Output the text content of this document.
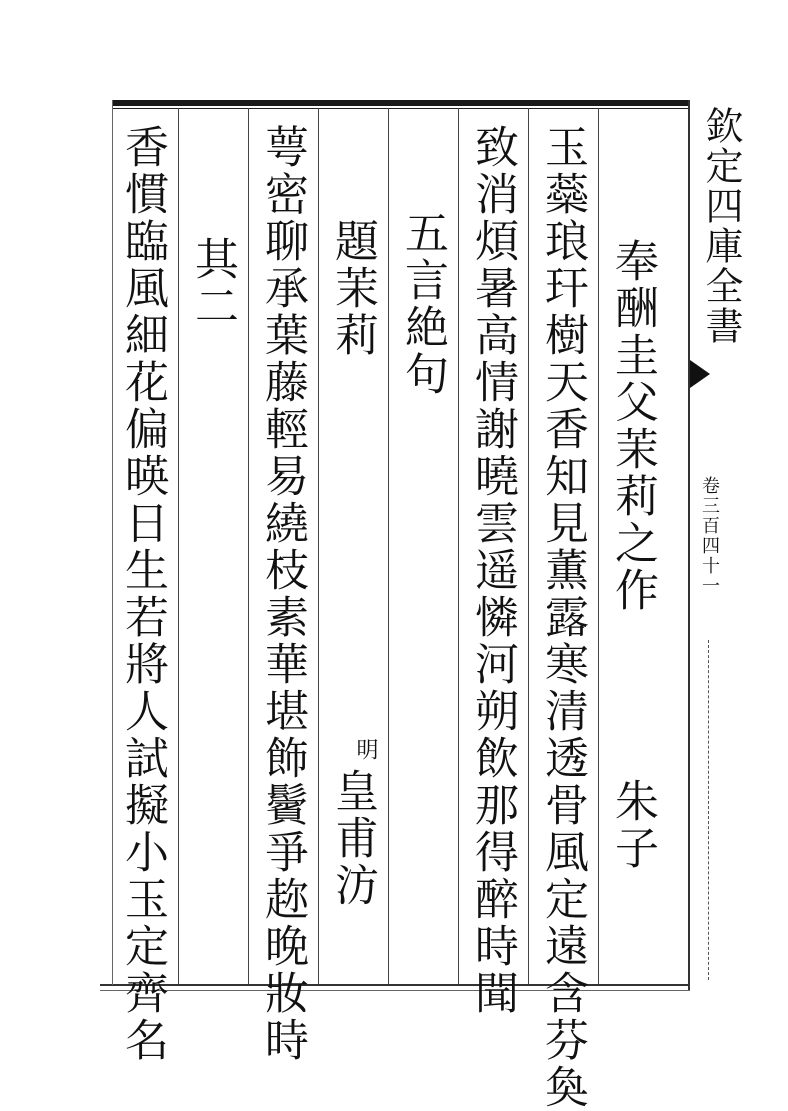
欽定四庫全書
卷三百四十一
奉酬圭父茉莉之作
朱子
玉蘂琅玕樹天香知見薫露寒清透骨風定遠含芬奐
致消煩暑高情謝曉雲遥憐河朔飲那得醉時聞
五言絶句
題茉莉
明
皇甫汸
萼密聊承葉藤輕易繞枝素華堪飾鬢爭趂晚妝時
其二
香慣臨風細花偏暎日生若將人試擬小玉定齊名
